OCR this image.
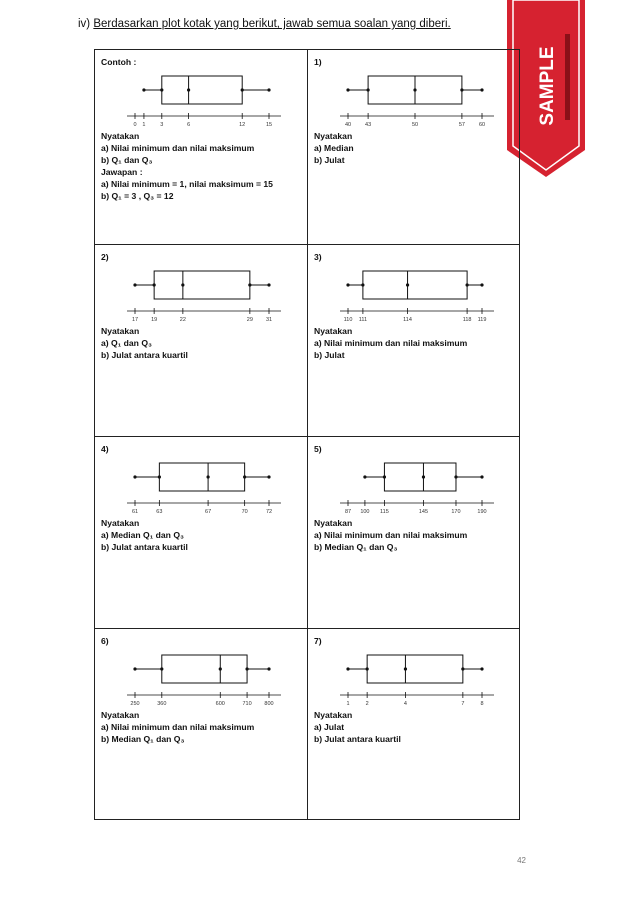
iv) Berdasarkan plot kotak yang berikut, jawab semua soalan yang diberi.
SAMPLE
Contoh :
0 1	3	6	12	15
Nyatakan
a) Nilai minimum dan nilai maksimum
b) Q₁ dan Q₃
Jawapan :
a) Nilai minimum = 1, nilai maksimum = 15
b) Q₁ = 3 , Q₃ = 12
1)
40	43	50	57	60
Nyatakan
a) Median
b) Julat
2)
17 19	22	29 31
Nyatakan
a) Q₁ dan Q₃
b) Julat antara kuartil
3)
110 111	114	118 119
Nyatakan
a) Nilai minimum dan nilai maksimum
b) Julat
4)
61	63	67	70	72
Nyatakan
a) Median Q₁ dan Q₃
b) Julat antara kuartil
5)
87 100 115	145	170	190
Nyatakan
a) Nilai minimum dan nilai maksimum
b) Median Q₁ dan Q₃
6)
250	360	600	710 800
Nyatakan
a) Nilai minimum dan nilai maksimum
b) Median Q₁ dan Q₃
7)
1	2	4	7	8
Nyatakan
a) Julat
b) Julat antara kuartil
42
